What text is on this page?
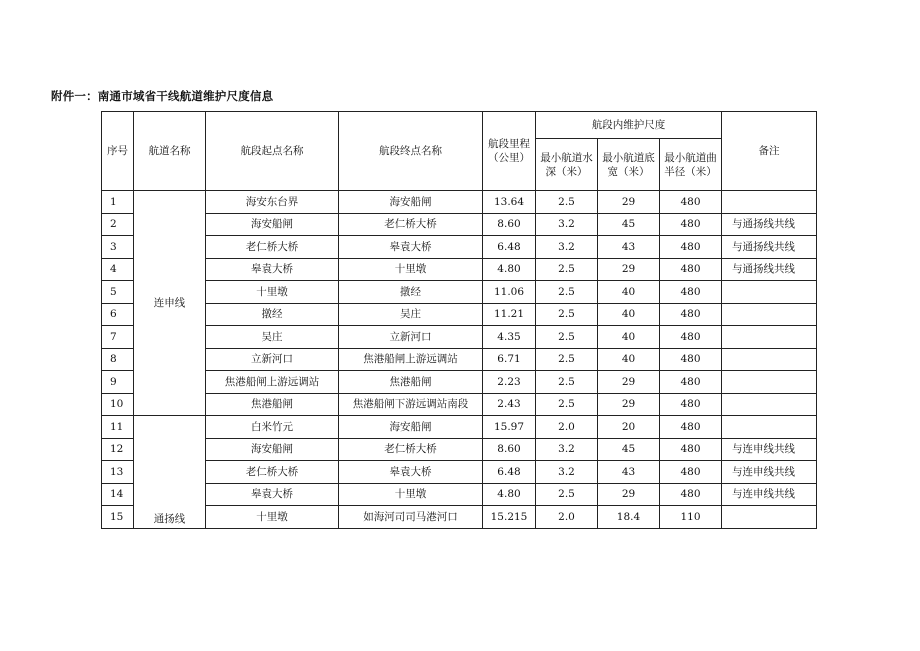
附件一：南通市域省干线航道维护尺度信息
序号	航道名称	航段起点名称	航段终点名称	航段里程（公里）	航段内维护尺度			备注
					最小航道水深（米）	最小航道底宽（米）	最小航道曲半径（米）	
1	连申线	海安东台界	海安船闸	13.64	2.5	29	480	
2		海安船闸	老仁桥大桥	8.60	3.2	45	480	与通扬线共线
3		老仁桥大桥	皋袁大桥	6.48	3.2	43	480	与通扬线共线
4		皋袁大桥	十里墩	4.80	2.5	29	480	与通扬线共线
5		十里墩	撴经	11.06	2.5	40	480	
6		撴经	吴庄	11.21	2.5	40	480	
7		吴庄	立新河口	4.35	2.5	40	480	
8		立新河口	焦港船闸上游远调站	6.71	2.5	40	480	
9		焦港船闸上游远调站	焦港船闸	2.23	2.5	29	480	
10		焦港船闸	焦港船闸下游远调站南段	2.43	2.5	29	480	
11	通扬线	白米竹元	海安船闸	15.97	2.0	20	480	
12		海安船闸	老仁桥大桥	8.60	3.2	45	480	与连申线共线
13		老仁桥大桥	皋袁大桥	6.48	3.2	43	480	与连申线共线
14		皋袁大桥	十里墩	4.80	2.5	29	480	与连申线共线
15		十里墩	如海河司司马港河口	15.215	2.0	18.4	110	
